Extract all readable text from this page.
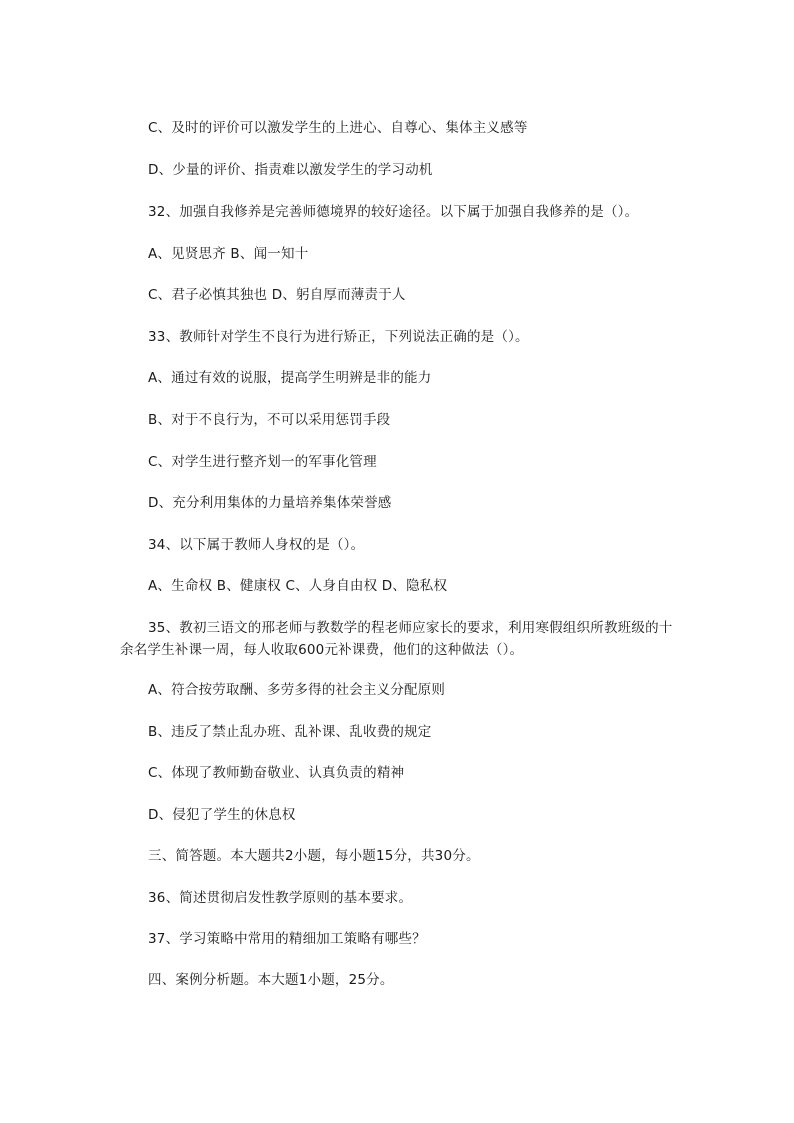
C、及时的评价可以激发学生的上进心、自尊心、集体主义感等
D、少量的评价、指责难以激发学生的学习动机
32、加强自我修养是完善师德境界的较好途径。以下属于加强自我修养的是（）。
A、见贤思齐 B、闻一知十
C、君子必慎其独也 D、躬自厚而薄责于人
33、教师针对学生不良行为进行矫正，下列说法正确的是（）。
A、通过有效的说服，提高学生明辨是非的能力
B、对于不良行为，不可以采用惩罚手段
C、对学生进行整齐划一的军事化管理
D、充分利用集体的力量培养集体荣誉感
34、以下属于教师人身权的是（）。
A、生命权 B、健康权 C、人身自由权 D、隐私权
35、教初三语文的邢老师与教数学的程老师应家长的要求，利用寒假组织所教班级的十余名学生补课一周，每人收取600元补课费，他们的这种做法（）。
A、符合按劳取酬、多劳多得的社会主义分配原则
B、违反了禁止乱办班、乱补课、乱收费的规定
C、体现了教师勤奋敬业、认真负责的精神
D、侵犯了学生的休息权
三、简答题。本大题共2小题，每小题15分，共30分。
36、简述贯彻启发性教学原则的基本要求。
37、学习策略中常用的精细加工策略有哪些？
四、案例分析题。本大题1小题，25分。
